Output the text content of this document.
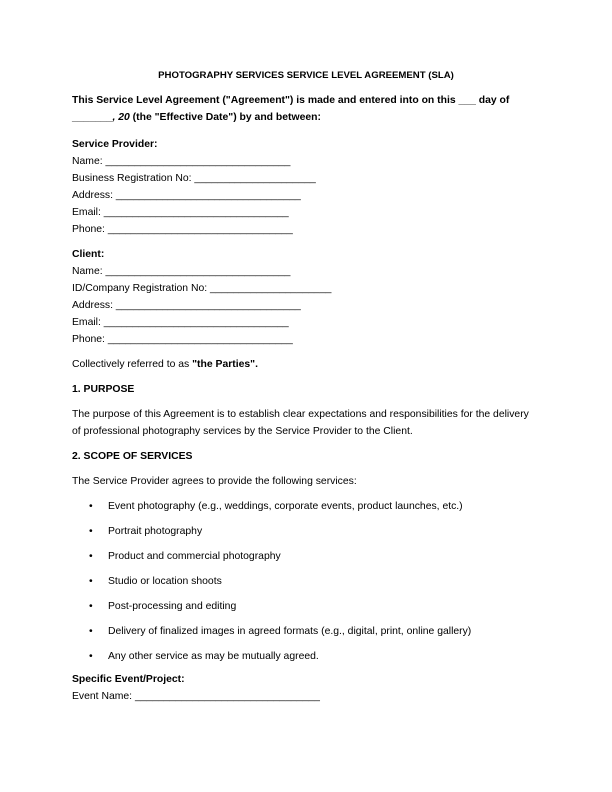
PHOTOGRAPHY SERVICES SERVICE LEVEL AGREEMENT (SLA)

This Service Level Agreement ("Agreement") is made and entered into on this ___ day of
_______, 20 (the "Effective Date") by and between:

Service Provider:

Name: ________________________________

Business Registration No: _____________________

Address: ________________________________

Email: ________________________________

Phone: ________________________________

Client:

Name: ________________________________

ID/Company Registration No: _____________________

Address: ________________________________

Email: ________________________________

Phone: ________________________________

Collectively referred to as "the Parties".

1. PURPOSE

The purpose of this Agreement is to establish clear expectations and responsibilities for the delivery of professional photography services by the Service Provider to the Client.

2. SCOPE OF SERVICES

The Service Provider agrees to provide the following services:

• Event photography (e.g., weddings, corporate events, product launches, etc.)
• Portrait photography
• Product and commercial photography
• Studio or location shoots
• Post-processing and editing
• Delivery of finalized images in agreed formats (e.g., digital, print, online gallery)
• Any other service as may be mutually agreed.

Specific Event/Project:

Event Name: ________________________________
